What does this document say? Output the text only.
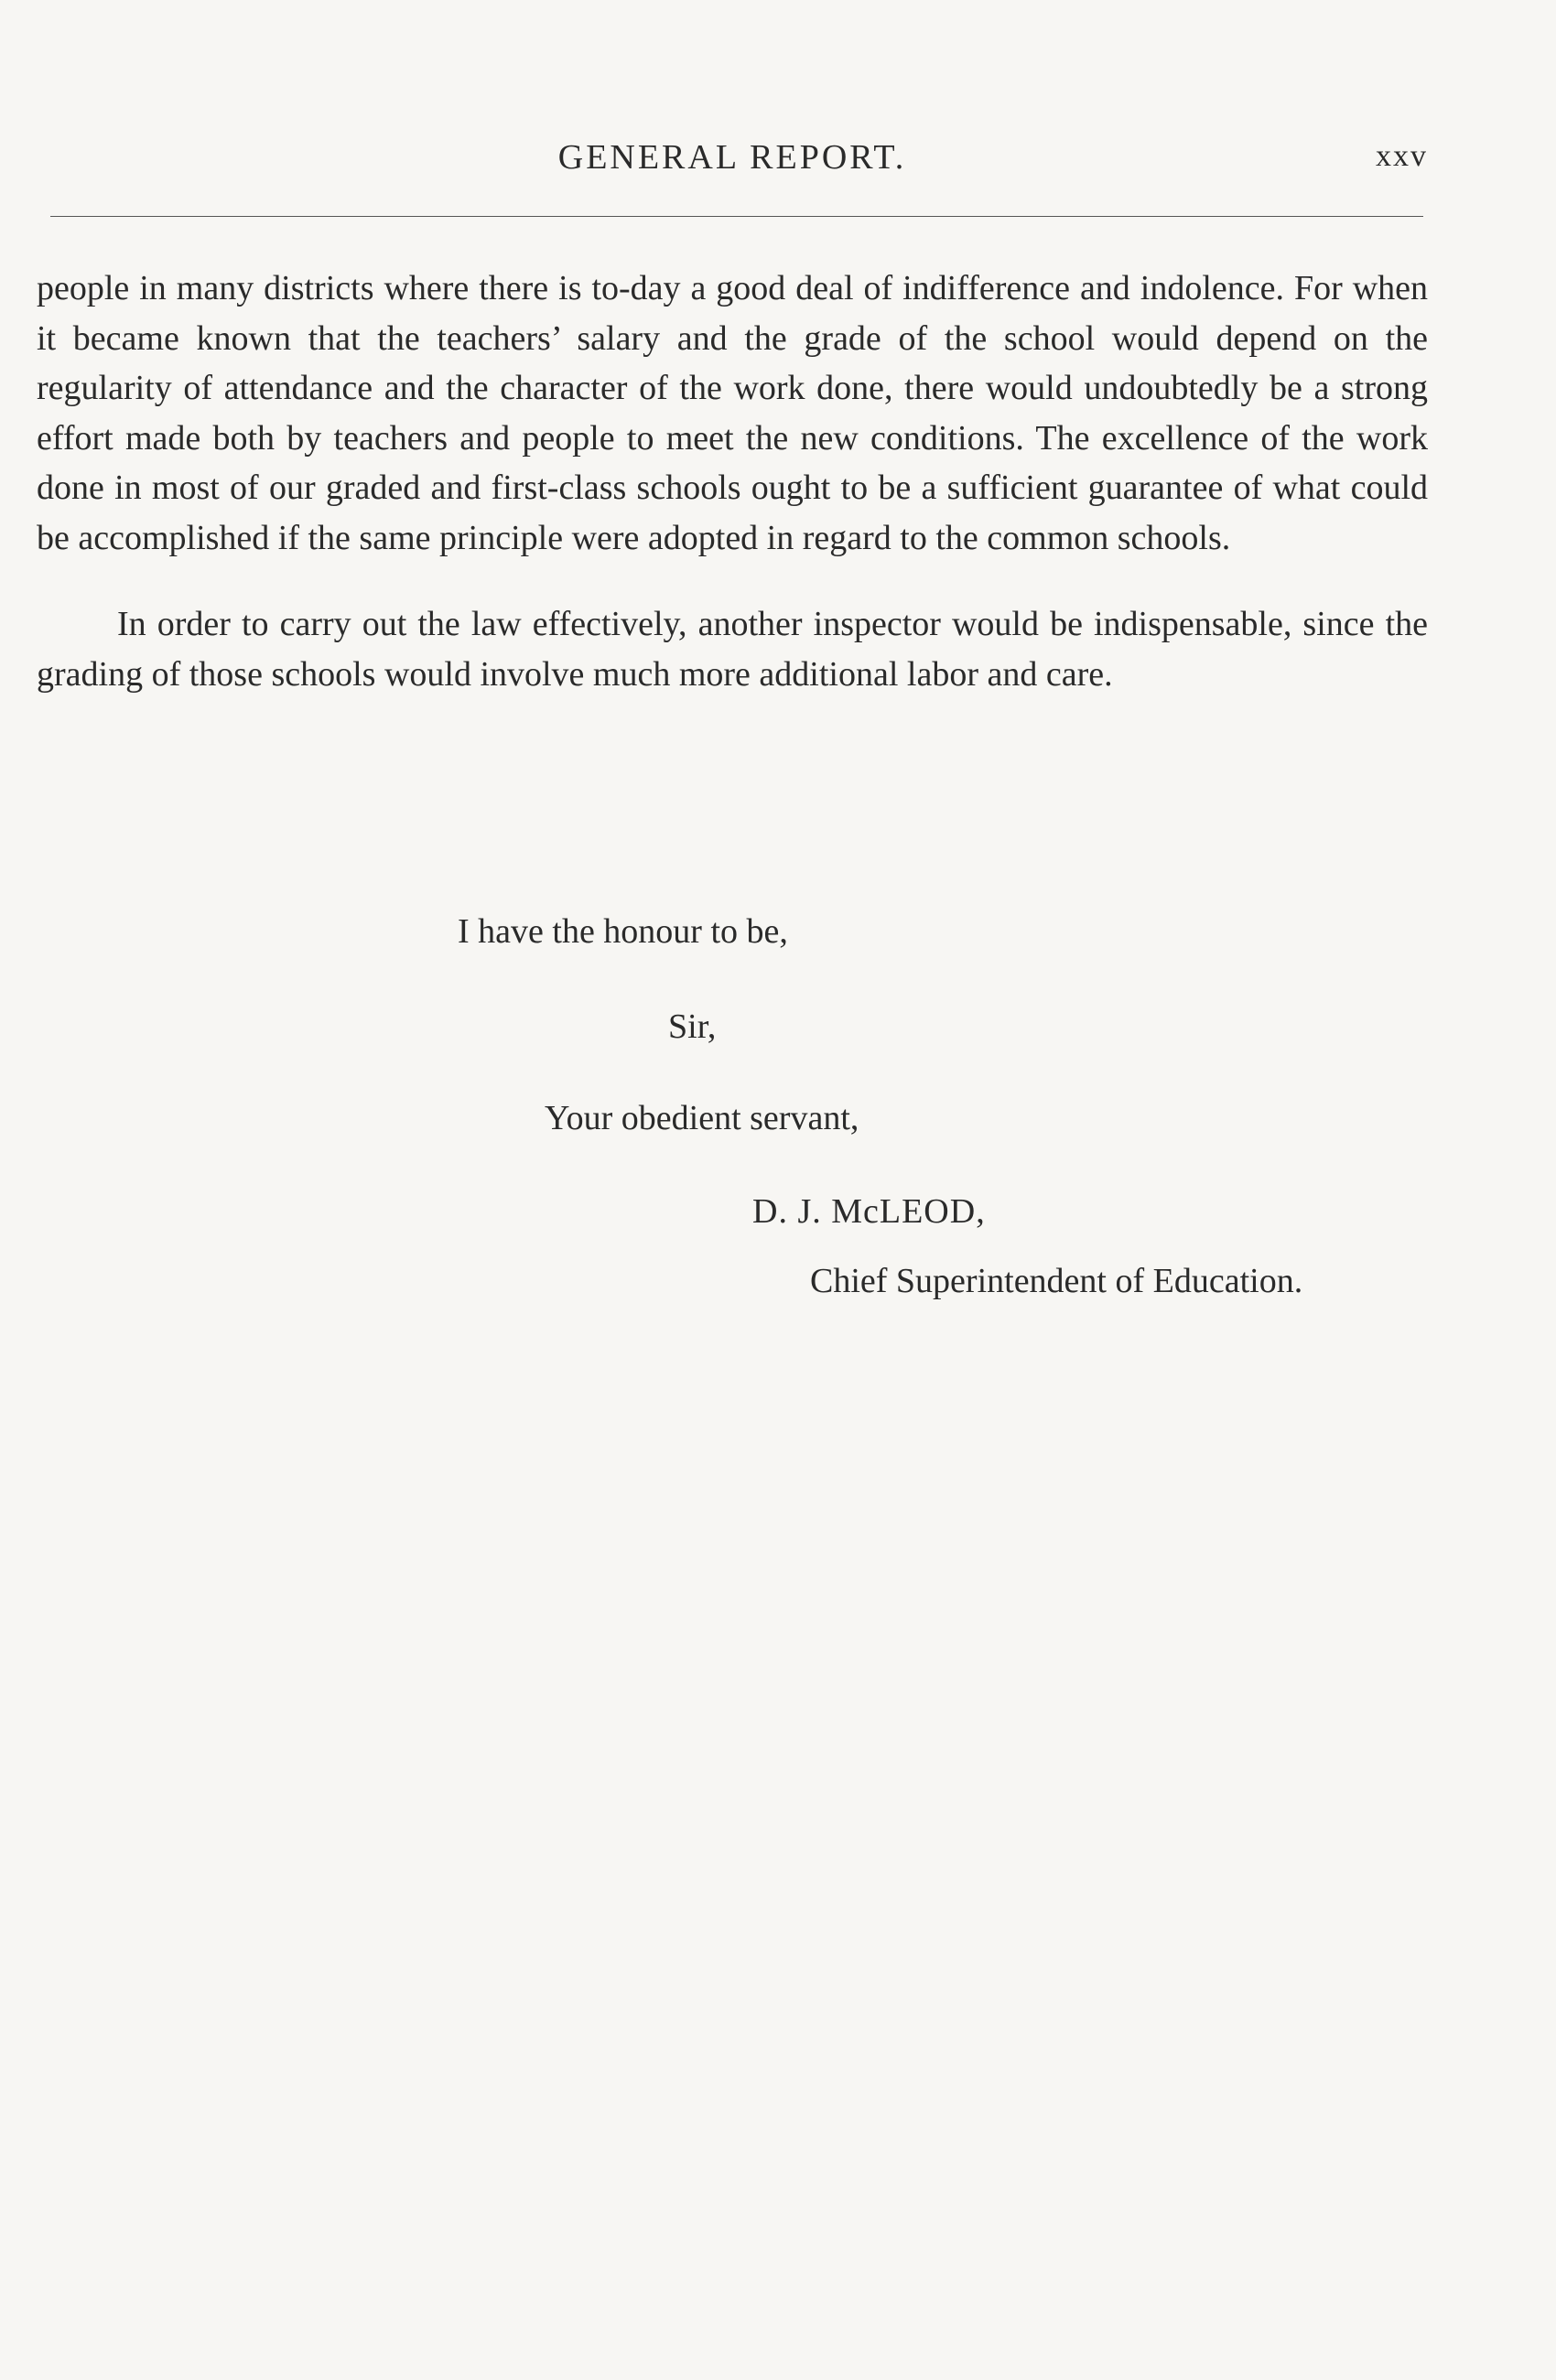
GENERAL REPORT.	xxv

people in many districts where there is to-day a good deal of indifference and indolence. For when it became known that the teachers’ salary and the grade of the school would depend on the regularity of attendance and the character of the work done, there would undoubtedly be a strong effort made both by teachers and people to meet the new conditions. The excellence of the work done in most of our graded and first-class schools ought to be a sufficient guarantee of what could be accomplished if the same principle were adopted in regard to the common schools.

In order to carry out the law effectively, another inspector would be indispensable, since the grading of those schools would involve much more additional labor and care.

I have the honour to be,
Sir,
Your obedient servant,
D. J. McLEOD,
Chief Superintendent of Education.
